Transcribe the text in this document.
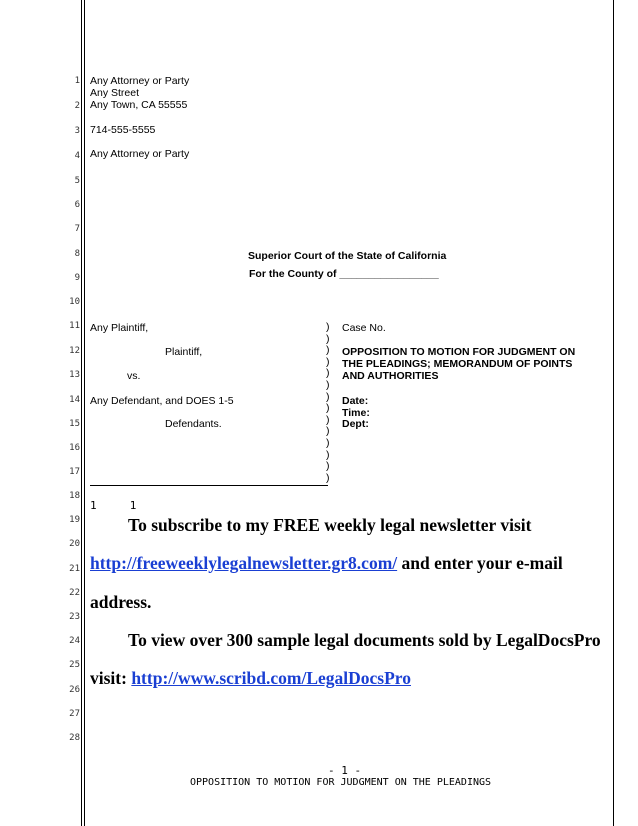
1
2
3
4
5
6
7
8
9
10
11
12
13
14
15
16
17
18
19
20
21
22
23
24
25
26
27
28
Any Attorney or Party
Any Street
Any Town, CA 55555
714-555-5555
Any Attorney or Party
Superior Court of the State of California
For the County of _________________
Any Plaintiff,
Plaintiff,
vs.
Any Defendant, and DOES 1-5
Defendants.
)
)
)
)
)
)
)
)
)
)
)
)
)
)
Case No.
OPPOSITION TO MOTION FOR JUDGMENT ON
THE PLEADINGS; MEMORANDUM OF POINTS
AND AUTHORITIES
Date:
Time:
Dept:
1     1
To subscribe to my FREE weekly legal newsletter visit
http://freeweeklylegalnewsletter.gr8.com/ and enter your e-mail
address.
To view over 300 sample legal documents sold by LegalDocsPro
visit: http://www.scribd.com/LegalDocsPro
- 1 -
OPPOSITION TO MOTION FOR JUDGMENT ON THE PLEADINGS
